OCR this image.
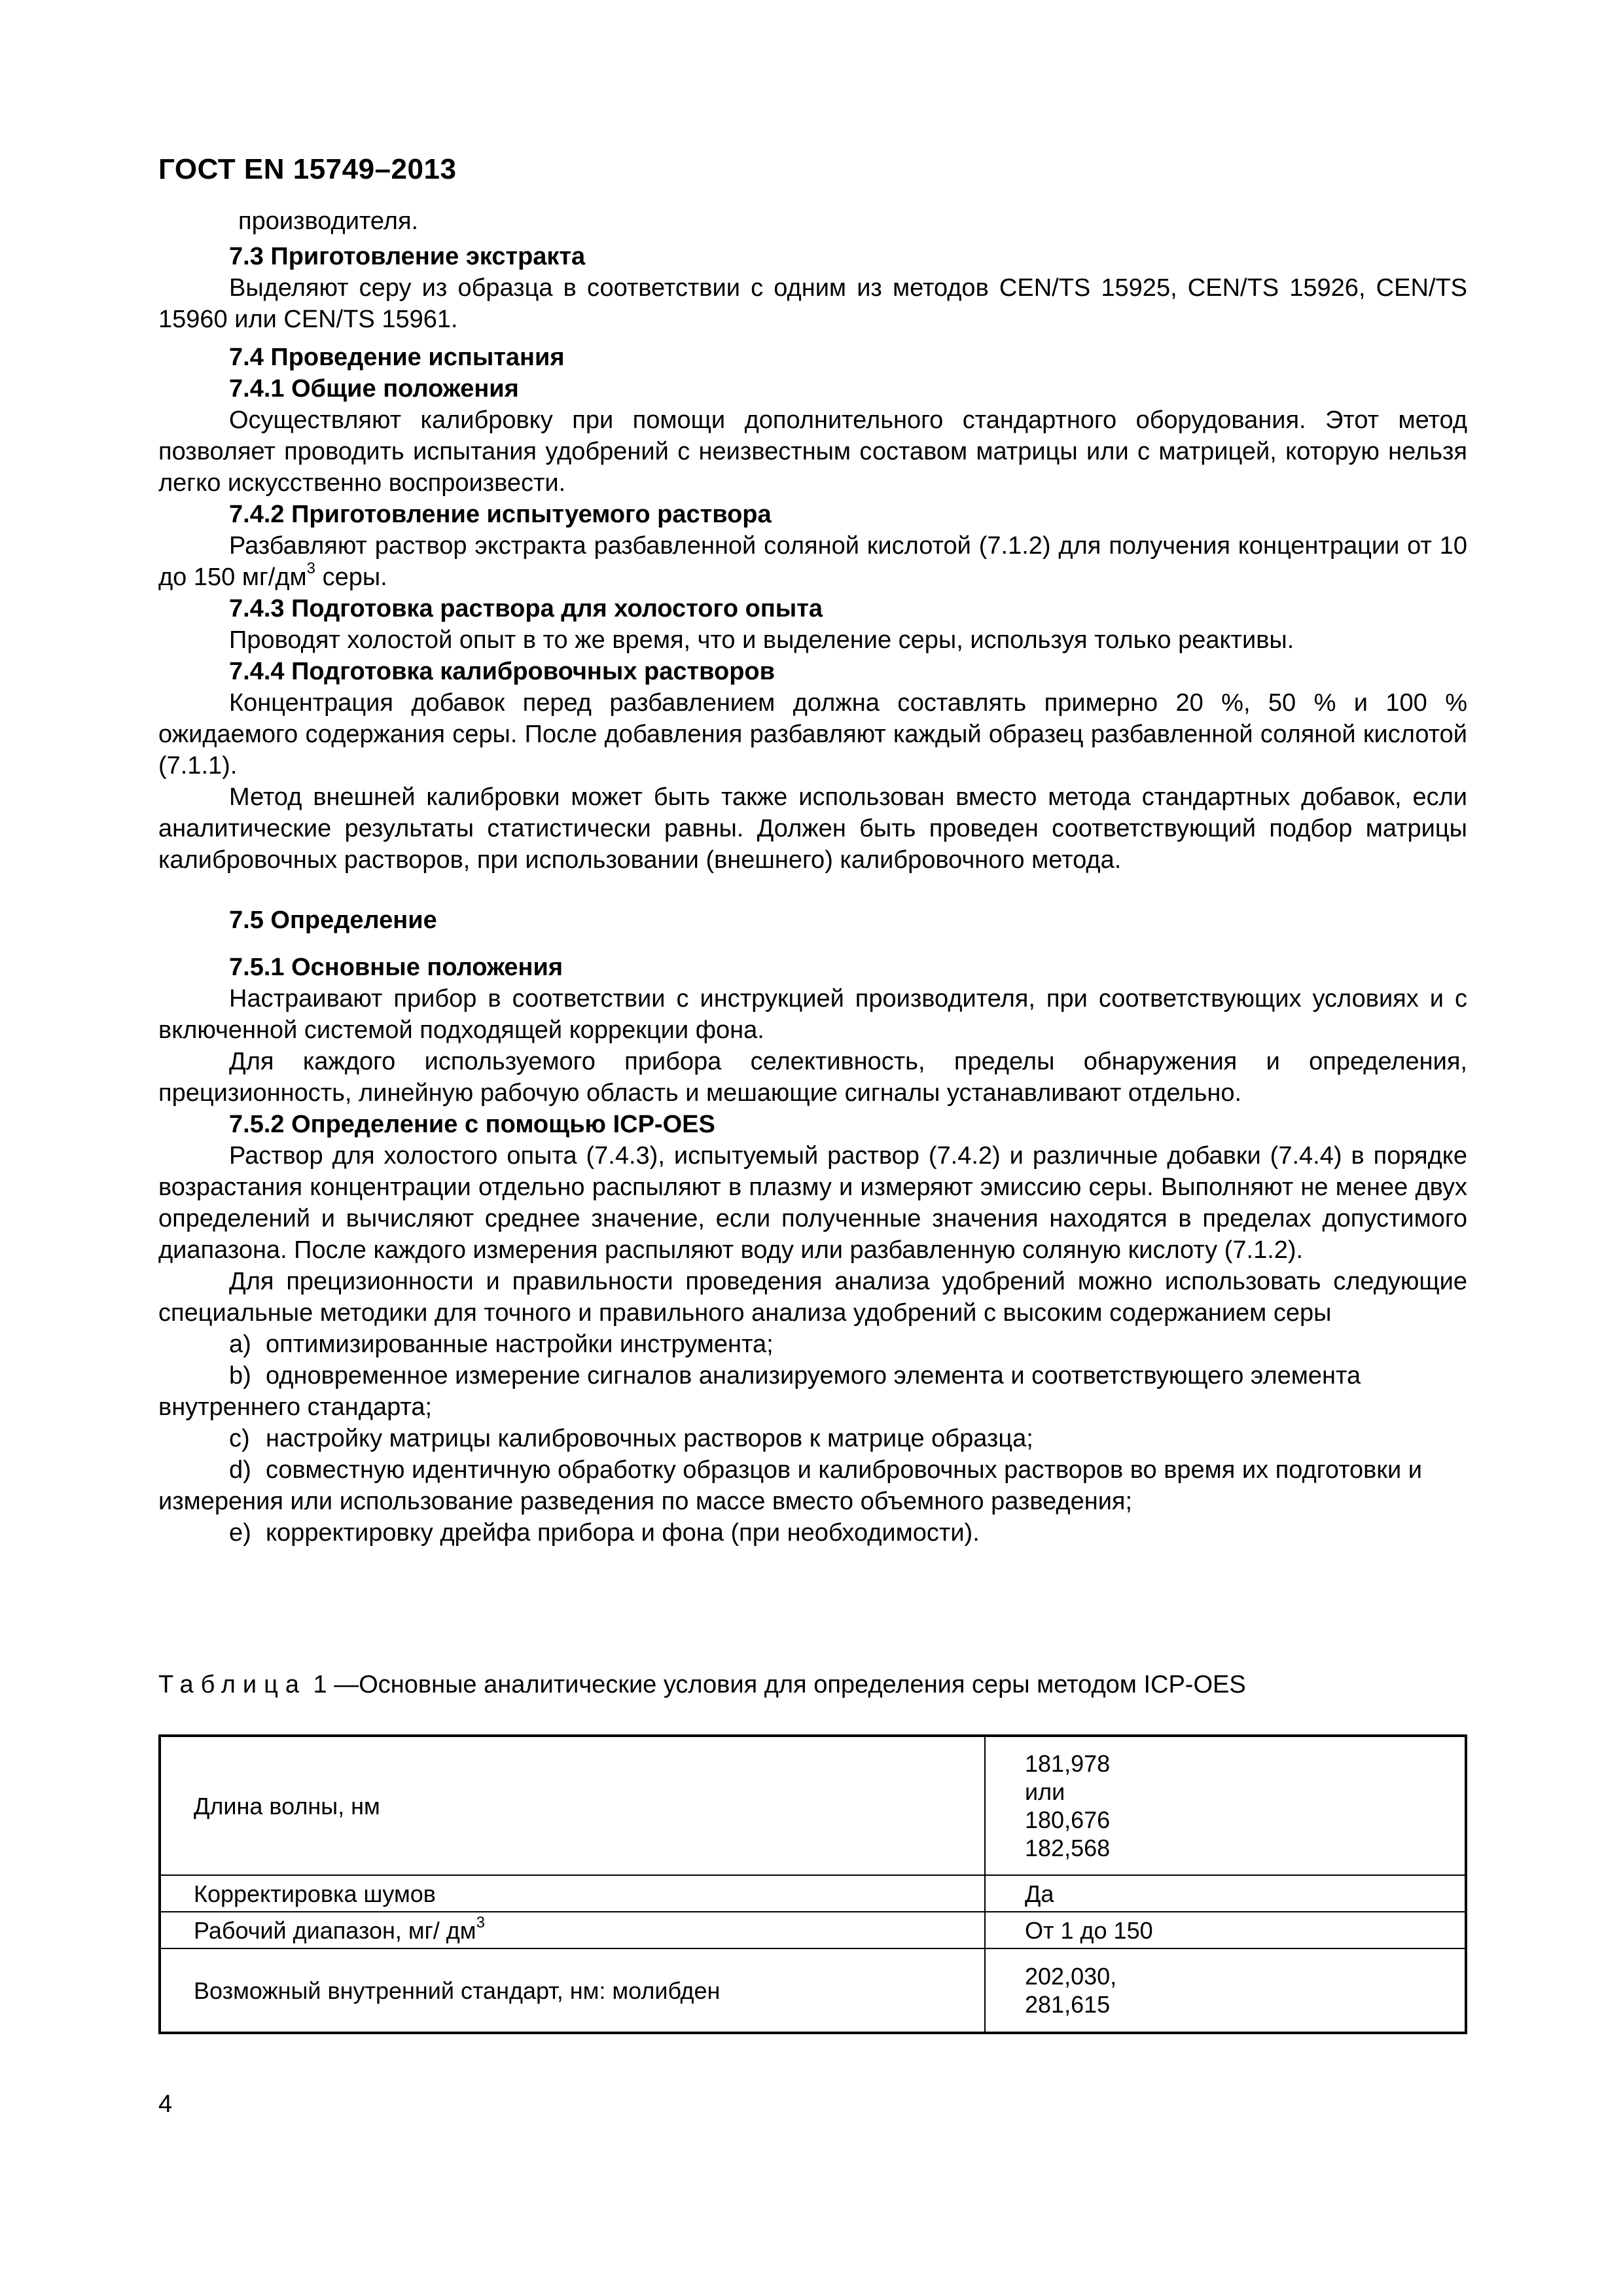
ГОСТ EN 15749–2013

производителя.

7.3 Приготовление экстракта

Выделяют серу из образца в соответствии с одним из методов CEN/TS 15925, CEN/TS 15926, CEN/TS 15960 или CEN/TS 15961.

7.4 Проведение испытания

7.4.1 Общие положения

Осуществляют калибровку при помощи дополнительного стандартного оборудования. Этот метод позволяет проводить испытания удобрений с неизвестным составом матрицы или с матрицей, которую нельзя легко искусственно воспроизвести.

7.4.2 Приготовление испытуемого раствора

Разбавляют раствор экстракта разбавленной соляной кислотой (7.1.2) для получения концентрации от 10 до 150 $мг/дм^3$ серы.

7.4.3 Подготовка раствора для холостого опыта

Проводят холостой опыт в то же время, что и выделение серы, используя только реактивы.

7.4.4 Подготовка калибровочных растворов

Концентрация добавок перед разбавлением должна составлять примерно 20 %, 50 % и 100 % ожидаемого содержания серы. После добавления разбавляют каждый образец разбавленной соляной кислотой (7.1.1).

Метод внешней калибровки может быть также использован вместо метода стандартных добавок, если аналитические результаты статистически равны. Должен быть проведен соответствующий подбор матрицы калибровочных растворов, при использовании (внешнего) калибровочного метода.

7.5 Определение

7.5.1 Основные положения

Настраивают прибор в соответствии с инструкцией производителя, при соответствующих условиях и с включенной системой подходящей коррекции фона.

Для каждого используемого прибора селективность, пределы обнаружения и определения, прецизионность, линейную рабочую область и мешающие сигналы устанавливают отдельно.

7.5.2 Определение с помощью ICP-OES

Раствор для холостого опыта (7.4.3), испытуемый раствор (7.4.2) и различные добавки (7.4.4) в порядке возрастания концентрации отдельно распыляют в плазму и измеряют эмиссию серы. Выполняют не менее двух определений и вычисляют среднее значение, если полученные значения находятся в пределах допустимого диапазона. После каждого измерения распыляют воду или разбавленную соляную кислоту (7.1.2).

Для прецизионности и правильности проведения анализа удобрений можно использовать следующие специальные методики для точного и правильного анализа удобрений с высоким содержанием серы

a) оптимизированные настройки инструмента;

b) одновременное измерение сигналов анализируемого элемента и соответствующего элемента внутреннего стандарта;

c) настройку матрицы калибровочных растворов к матрице образца;

d) совместную идентичную обработку образцов и калибровочных растворов во время их подготовки и измерения или использование разведения по массе вместо объемного разведения;

e) корректировку дрейфа прибора и фона (при необходимости).

Таблица 1 —Основные аналитические условия для определения серы методом ICP-OES
Длина волны, нм	181,978
или
180,676
182,568

Корректировка шумов	Да

Рабочий диапазон, мг/ $дм^3$	От 1 до 150

Возможный внутренний стандарт, нм: молибден	202,030,
281,615
4
